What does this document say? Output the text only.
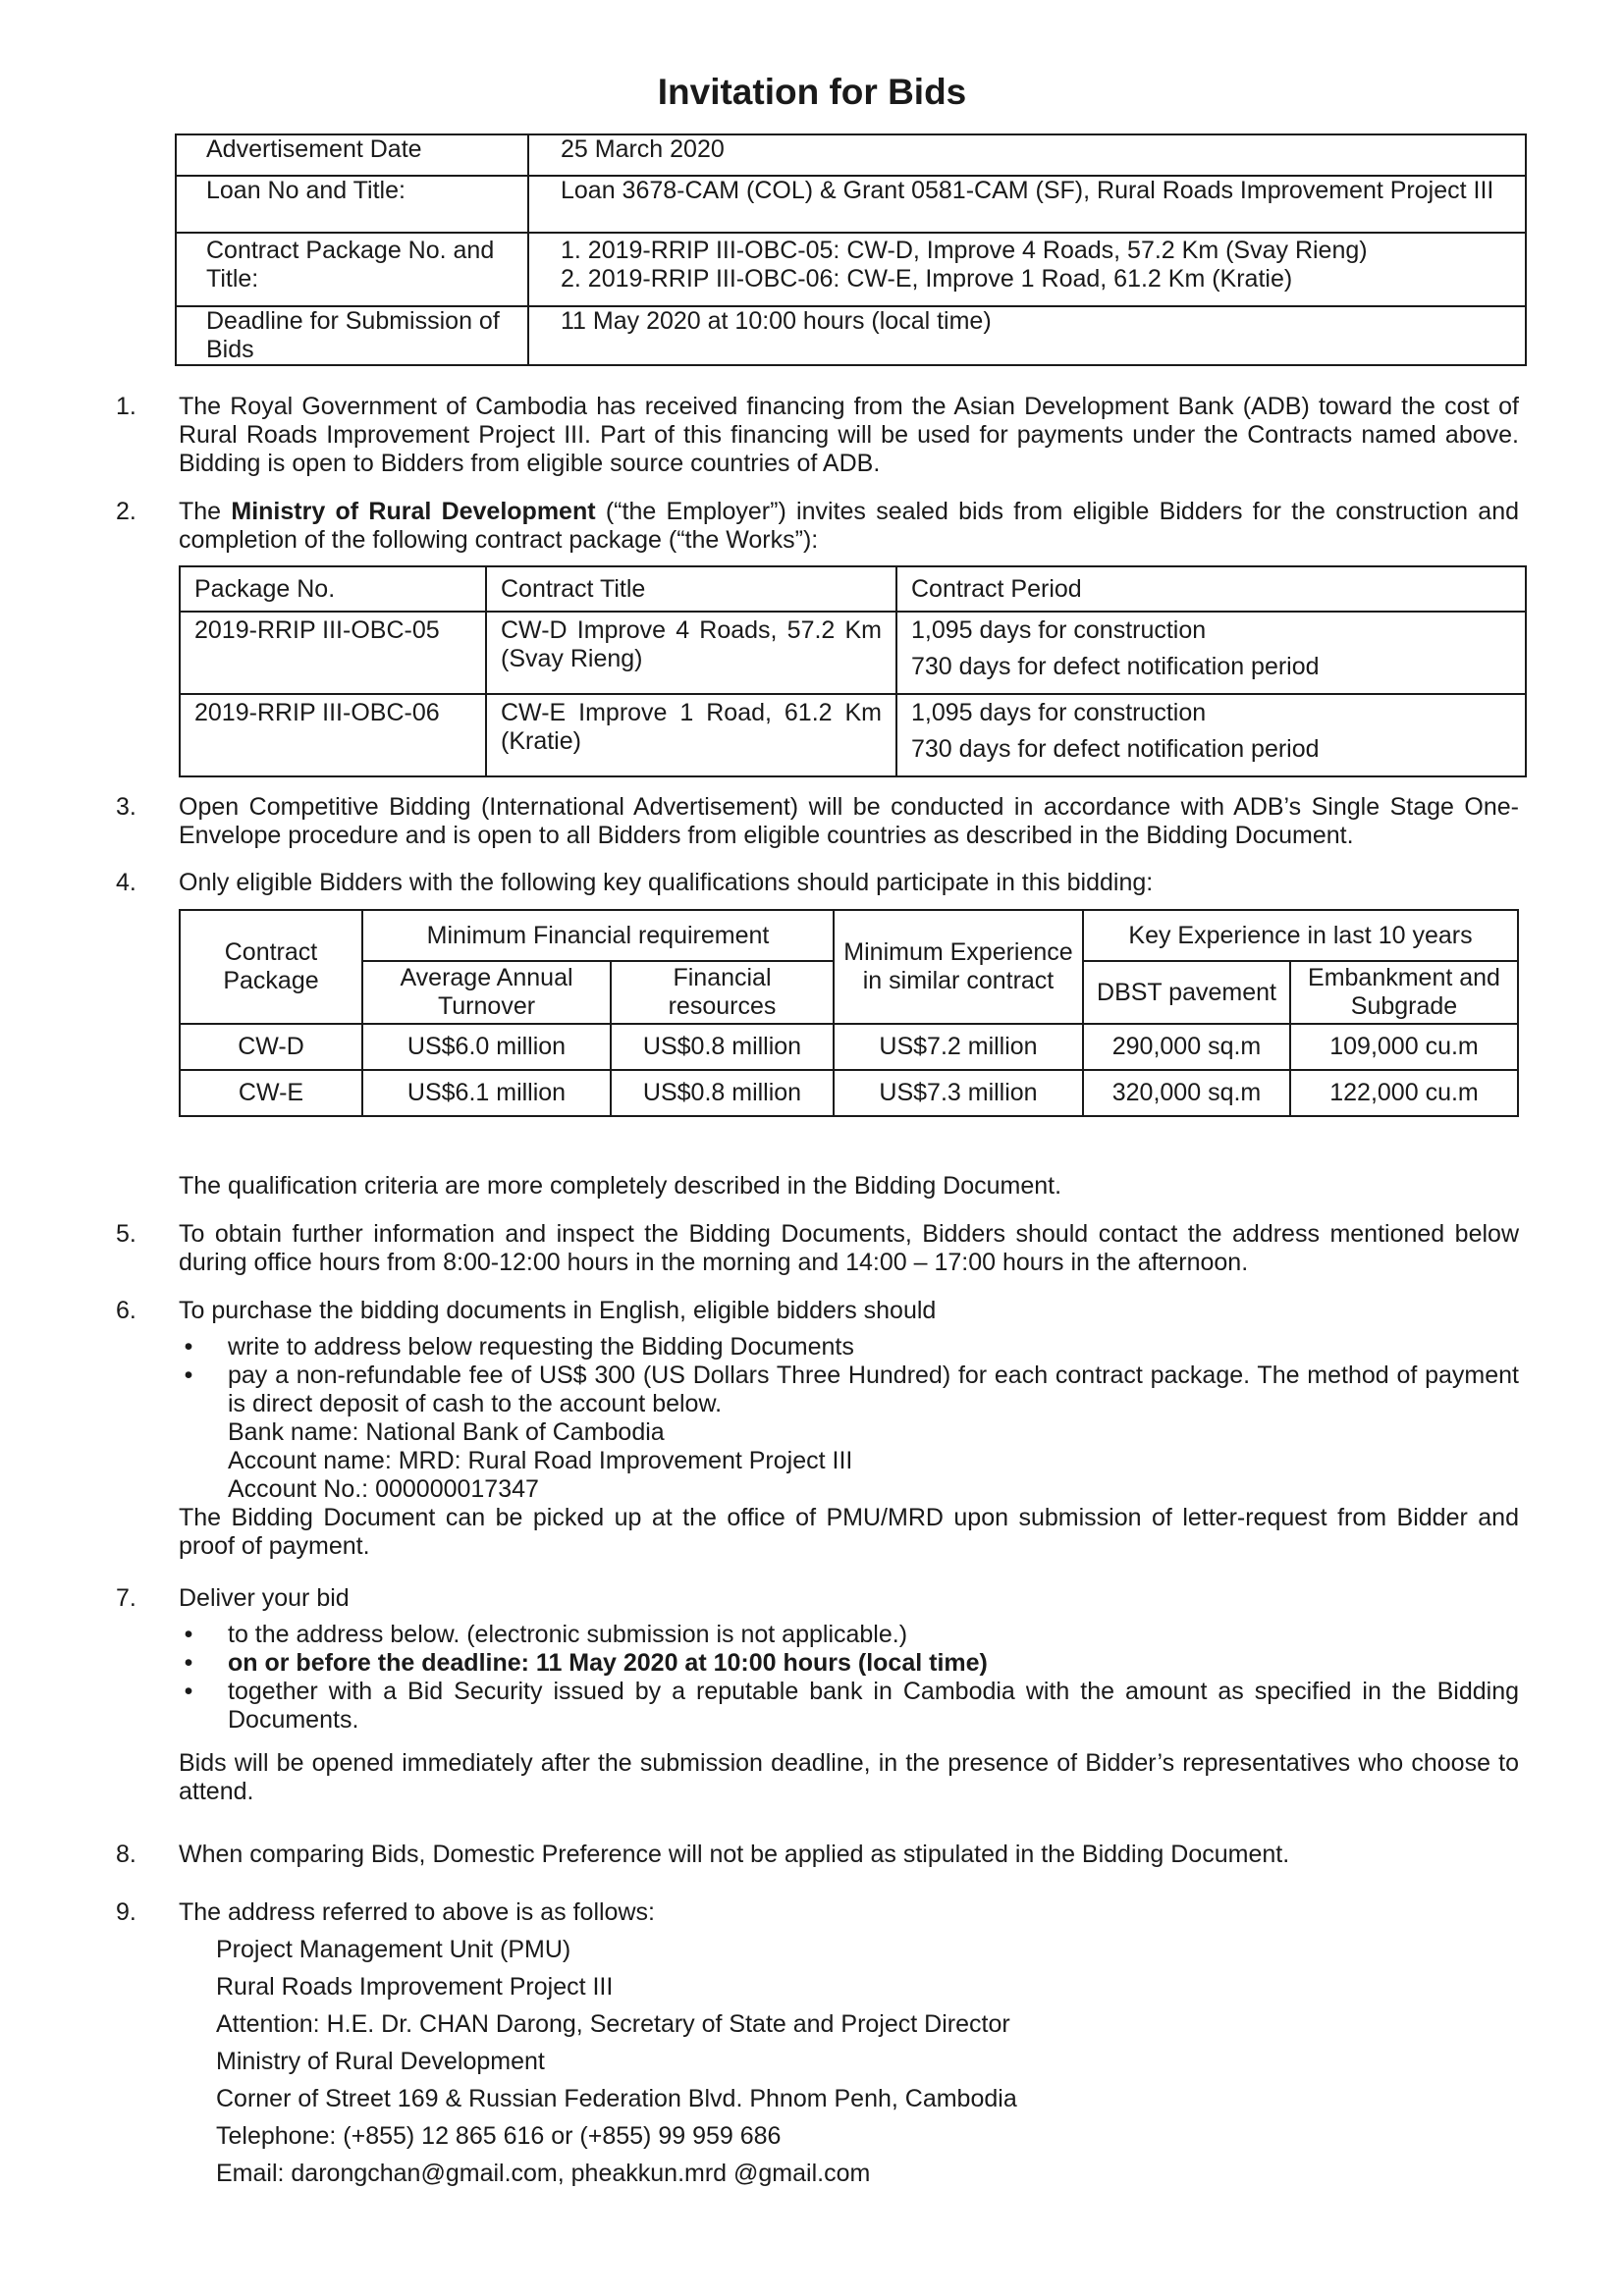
Invitation for Bids
Advertisement Date	25 March 2020
Loan No and Title:	Loan 3678-CAM (COL) & Grant 0581-CAM (SF), Rural Roads Improvement Project III
Contract Package No. and Title:	1. 2019-RRIP III-OBC-05: CW-D, Improve 4 Roads, 57.2 Km (Svay Rieng)
2. 2019-RRIP III-OBC-06: CW-E, Improve 1 Road, 61.2 Km (Kratie)

Deadline for Submission of Bids	11 May 2020 at 10:00 hours (local time)
1. The Royal Government of Cambodia has received financing from the Asian Development Bank (ADB) toward the cost of Rural Roads Improvement Project III. Part of this financing will be used for payments under the Contracts named above. Bidding is open to Bidders from eligible source countries of ADB.
2. The Ministry of Rural Development (“the Employer”) invites sealed bids from eligible Bidders for the construction and completion of the following contract package (“the Works”):
Package No.	Contract Title	Contract Period
2019-RRIP III-OBC-05	CW-D Improve 4 Roads, 57.2 Km (Svay Rieng)	1,095 days for construction
730 days for defect notification period

2019-RRIP III-OBC-06	CW-E Improve 1 Road, 61.2 Km (Kratie)	1,095 days for construction
730 days for defect notification period
3. Open Competitive Bidding (International Advertisement) will be conducted in accordance with ADB’s Single Stage One-Envelope procedure and is open to all Bidders from eligible countries as described in the Bidding Document.
4. Only eligible Bidders with the following key qualifications should participate in this bidding:
Contract Package	Minimum Financial requirement		Minimum Experience in similar contract	Key Experience in last 10 years	
	Average Annual Turnover	Financial resources		DBST pavement	Embankment and Subgrade
CW-D	US$6.0 million	US$0.8 million	US$7.2 million	290,000 sq.m	109,000 cu.m
CW-E	US$6.1 million	US$0.8 million	US$7.3 million	320,000 sq.m	122,000 cu.m
The qualification criteria are more completely described in the Bidding Document.
5. To obtain further information and inspect the Bidding Documents, Bidders should contact the address mentioned below during office hours from 8:00-12:00 hours in the morning and 14:00 – 17:00 hours in the afternoon.
6. To purchase the bidding documents in English, eligible bidders should
• write to address below requesting the Bidding Documents
• pay a non-refundable fee of US$ 300 (US Dollars Three Hundred) for each contract package. The method of payment is direct deposit of cash to the account below.
Bank name: National Bank of Cambodia
Account name: MRD: Rural Road Improvement Project III
Account No.: 000000017347
The Bidding Document can be picked up at the office of PMU/MRD upon submission of letter-request from Bidder and proof of payment.
7. Deliver your bid
• to the address below. (electronic submission is not applicable.)
• on or before the deadline: 11 May 2020 at 10:00 hours (local time)
• together with a Bid Security issued by a reputable bank in Cambodia with the amount as specified in the Bidding Documents.
Bids will be opened immediately after the submission deadline, in the presence of Bidder’s representatives who choose to attend.
8. When comparing Bids, Domestic Preference will not be applied as stipulated in the Bidding Document.
9. The address referred to above is as follows:
Project Management Unit (PMU)
Rural Roads Improvement Project III
Attention: H.E. Dr. CHAN Darong, Secretary of State and Project Director
Ministry of Rural Development
Corner of Street 169 & Russian Federation Blvd. Phnom Penh, Cambodia
Telephone: (+855) 12 865 616 or (+855) 99 959 686
Email: darongchan@gmail.com, pheakkun.mrd @gmail.com
